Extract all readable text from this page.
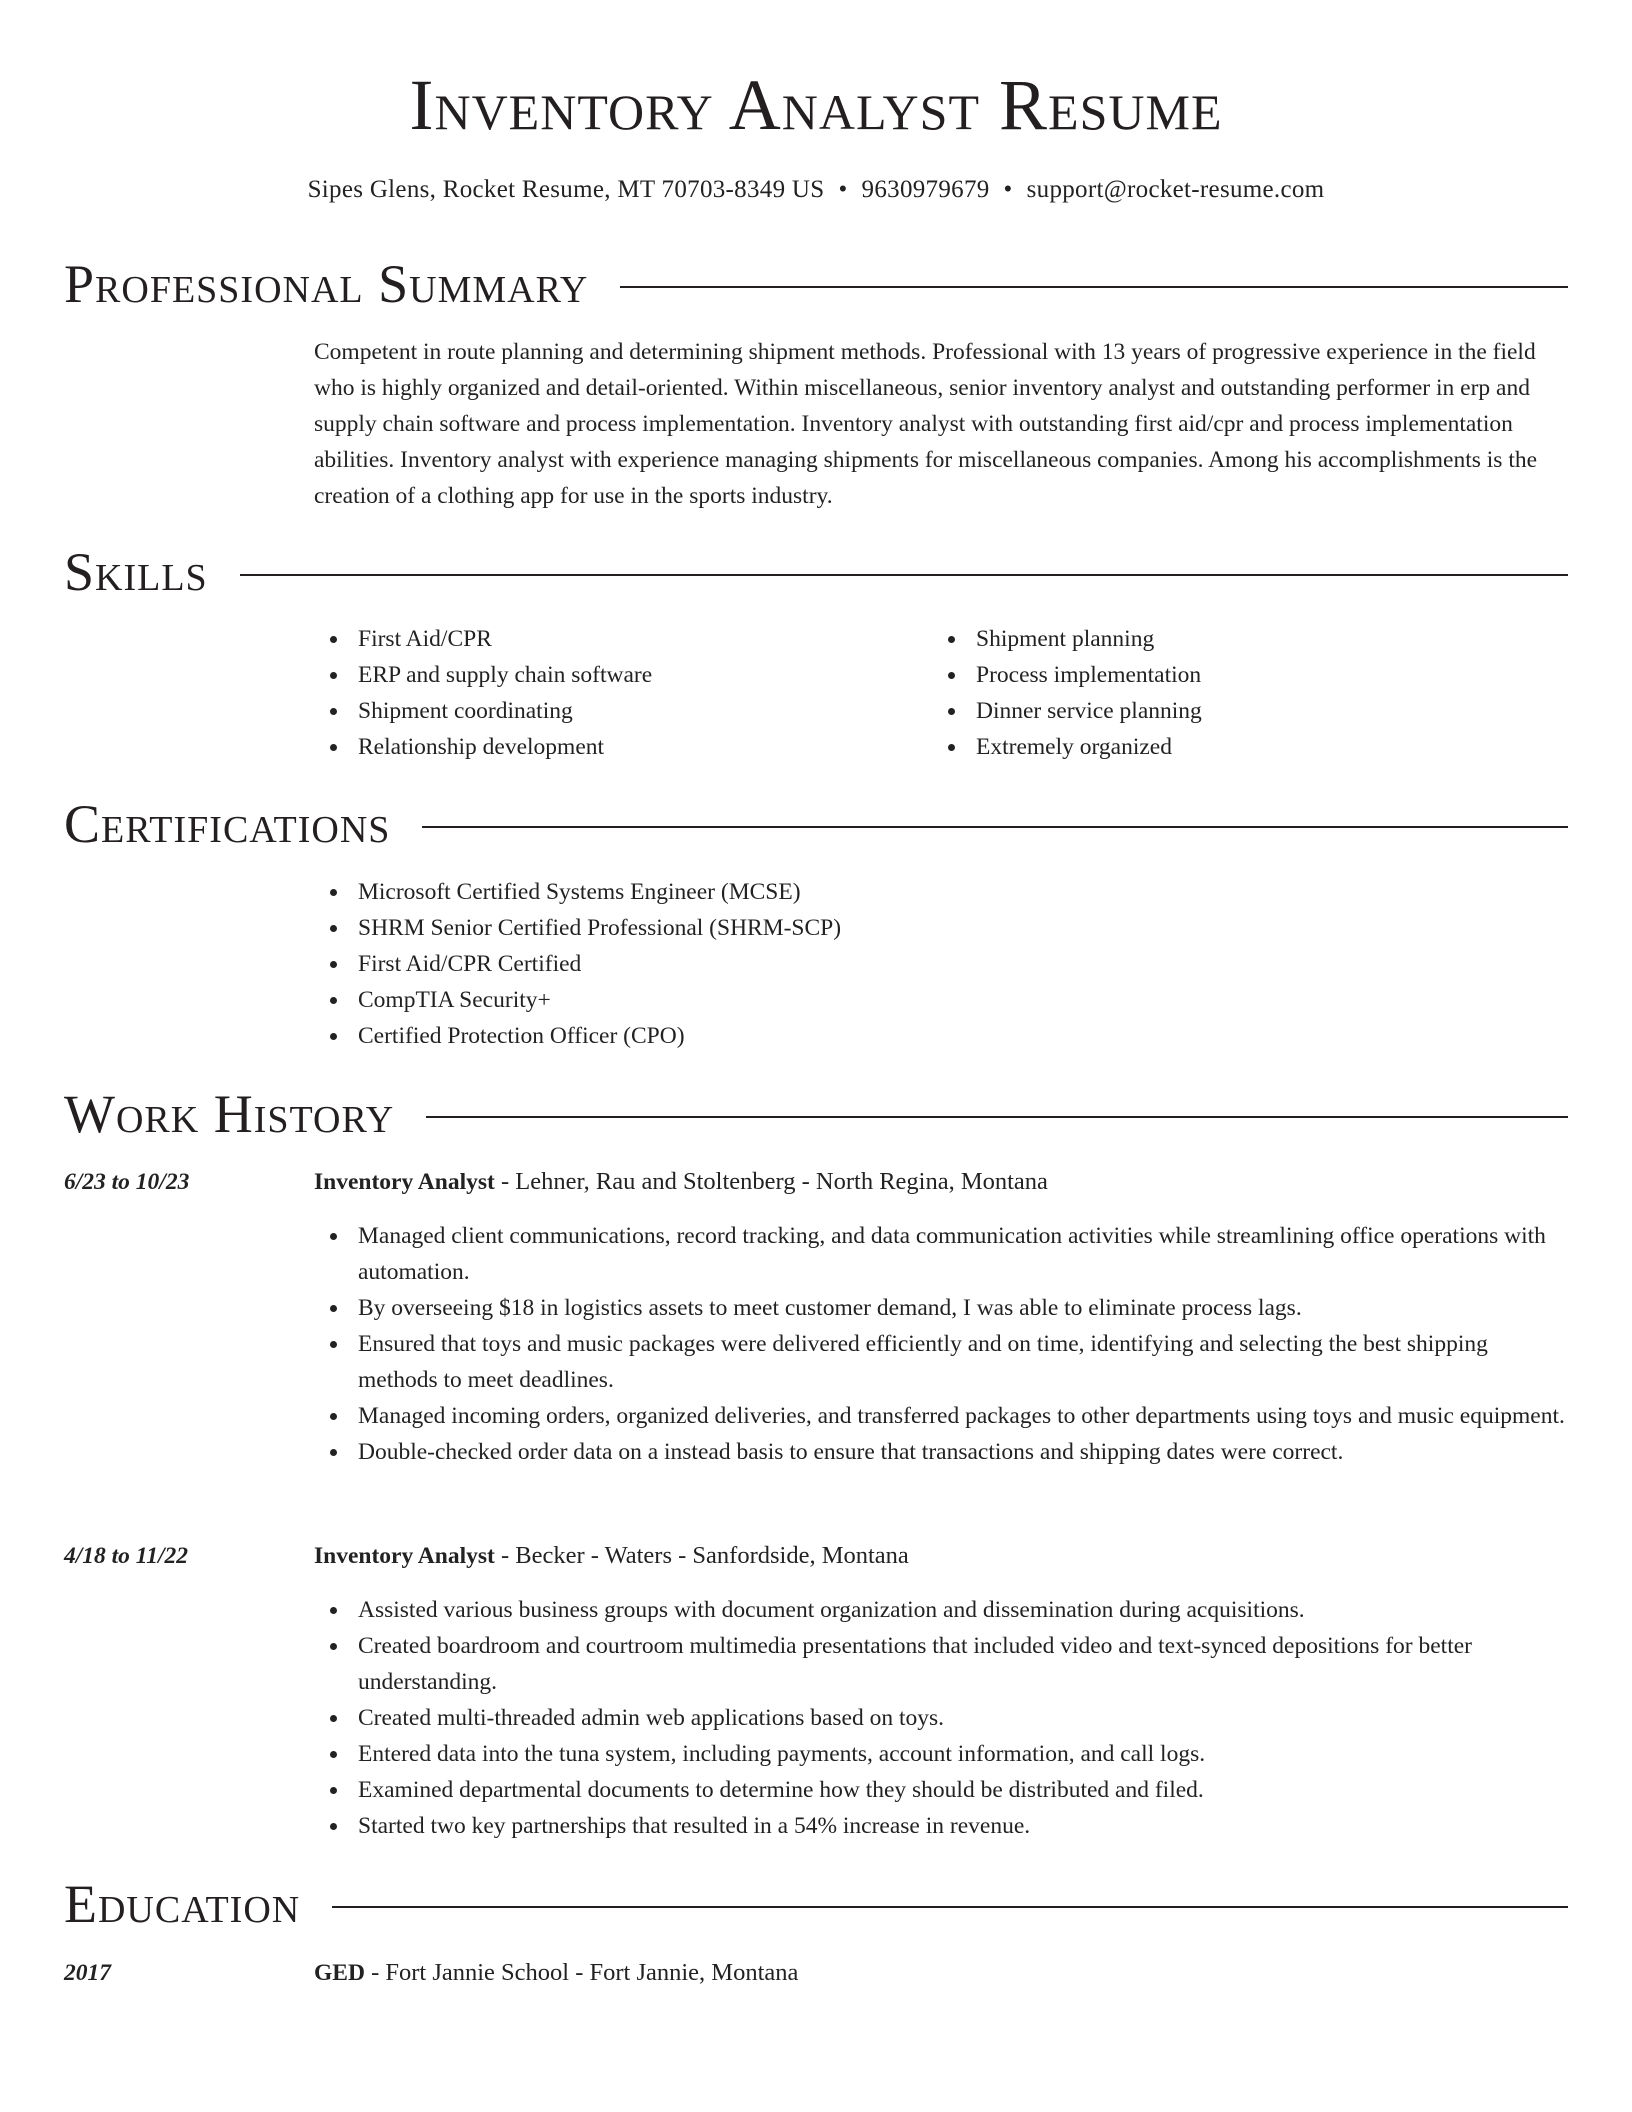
Inventory Analyst Resume
Sipes Glens, Rocket Resume, MT 70703-8349 US • 9630979679 • support@rocket-resume.com
Professional Summary

Competent in route planning and determining shipment methods. Professional with 13 years of progressive experience in the field who is highly organized and detail-oriented. Within miscellaneous, senior inventory analyst and outstanding performer in erp and supply chain software and process implementation. Inventory analyst with outstanding first aid/cpr and process implementation abilities. Inventory analyst with experience managing shipments for miscellaneous companies. Among his accomplishments is the creation of a clothing app for use in the sports industry.

Skills
First Aid/CPR
ERP and supply chain software
Shipment coordinating
Relationship development
Shipment planning
Process implementation
Dinner service planning
Extremely organized
Certifications
Microsoft Certified Systems Engineer (MCSE)
SHRM Senior Certified Professional (SHRM-SCP)
First Aid/CPR Certified
CompTIA Security+
Certified Protection Officer (CPO)
Work History
6/23 to 10/23	Inventory Analyst - Lehner, Rau and Stoltenberg - North Regina, Montana
Managed client communications, record tracking, and data communication activities while streamlining office operations with automation.
By overseeing $18 in logistics assets to meet customer demand, I was able to eliminate process lags.
Ensured that toys and music packages were delivered efficiently and on time, identifying and selecting the best shipping methods to meet deadlines.
Managed incoming orders, organized deliveries, and transferred packages to other departments using toys and music equipment.
Double-checked order data on a instead basis to ensure that transactions and shipping dates were correct.
4/18 to 11/22	Inventory Analyst - Becker - Waters - Sanfordside, Montana
Assisted various business groups with document organization and dissemination during acquisitions.
Created boardroom and courtroom multimedia presentations that included video and text-synced depositions for better understanding.
Created multi-threaded admin web applications based on toys.
Entered data into the tuna system, including payments, account information, and call logs.
Examined departmental documents to determine how they should be distributed and filed.
Started two key partnerships that resulted in a 54% increase in revenue.
Education
2017	GED - Fort Jannie School - Fort Jannie, Montana
